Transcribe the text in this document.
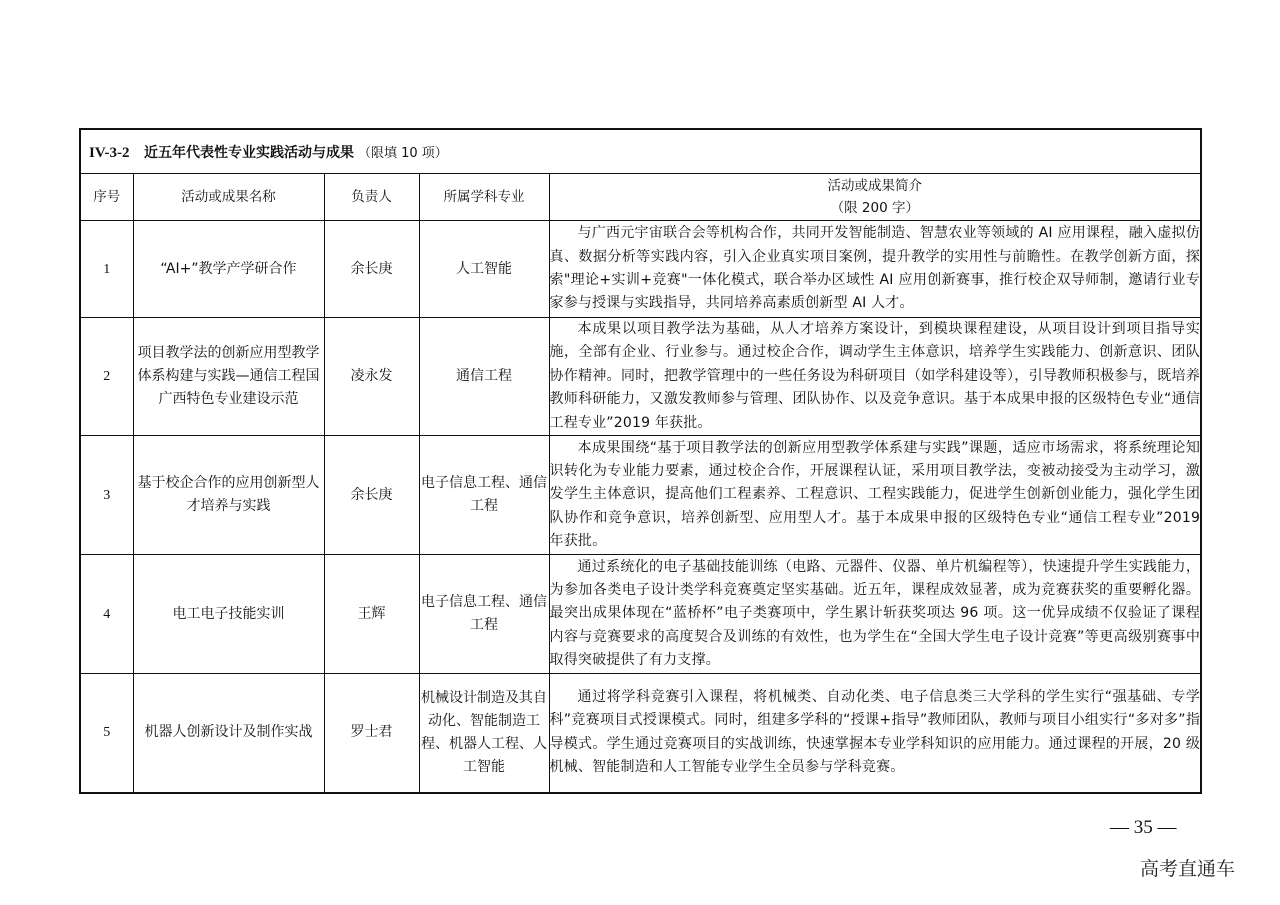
IV-3-2 近五年代表性专业实践活动与成果 （限填 10 项）				
序号	活动或成果名称	负责人	所属学科专业	活动或成果简介
（限 200 字）

1	“AI+”教学产学研合作	余长庚	人工智能	与广西元宇宙联合会等机构合作，共同开发智能制造、智慧农业等领域的 AI 应用课程，融入虚拟仿真、数据分析等实践内容，引入企业真实项目案例，提升教学的实用性与前瞻性。在教学创新方面，探索"理论+实训+竞赛"一体化模式，联合举办区域性 AI 应用创新赛事，推行校企双导师制，邀请行业专家参与授课与实践指导，共同培养高素质创新型 AI 人才。
2	项目教学法的创新应用型教学体系构建与实践—通信工程国广西特色专业建设示范	凌永发	通信工程	本成果以项目教学法为基础，从人才培养方案设计，到模块课程建设，从项目设计到项目指导实施，全部有企业、行业参与。通过校企合作，调动学生主体意识，培养学生实践能力、创新意识、团队协作精神。同时，把教学管理中的一些任务设为科研项目（如学科建设等），引导教师积极参与，既培养教师科研能力，又激发教师参与管理、团队协作、以及竞争意识。基于本成果申报的区级特色专业“通信工程专业”2019 年获批。
3	基于校企合作的应用创新型人才培养与实践	余长庚	电子信息工程、通信工程	本成果围绕“基于项目教学法的创新应用型教学体系建与实践”课题，适应市场需求，将系统理论知识转化为专业能力要素，通过校企合作，开展课程认证，采用项目教学法，变被动接受为主动学习，激发学生主体意识，提高他们工程素养、工程意识、工程实践能力，促进学生创新创业能力，强化学生团队协作和竞争意识，培养创新型、应用型人才。基于本成果申报的区级特色专业“通信工程专业”2019 年获批。
4	电工电子技能实训	王辉	电子信息工程、通信工程	通过系统化的电子基础技能训练（电路、元器件、仪器、单片机编程等），快速提升学生实践能力，为参加各类电子设计类学科竞赛奠定坚实基础。近五年，课程成效显著，成为竞赛获奖的重要孵化器。最突出成果体现在“蓝桥杯”电子类赛项中，学生累计斩获奖项达 96 项。这一优异成绩不仅验证了课程内容与竞赛要求的高度契合及训练的有效性，也为学生在“全国大学生电子设计竞赛”等更高级别赛事中取得突破提供了有力支撑。
5	机器人创新设计及制作实战	罗士君	机械设计制造及其自动化、智能制造工程、机器人工程、人工智能	通过将学科竞赛引入课程，将机械类、自动化类、电子信息类三大学科的学生实行“强基础、专学科”竞赛项目式授课模式。同时，组建多学科的“授课+指导”教师团队，教师与项目小组实行“多对多”指导模式。学生通过竞赛项目的实战训练，快速掌握本专业学科知识的应用能力。通过课程的开展，20 级机械、智能制造和人工智能专业学生全员参与学科竞赛。
— 35 —
高考直通车
